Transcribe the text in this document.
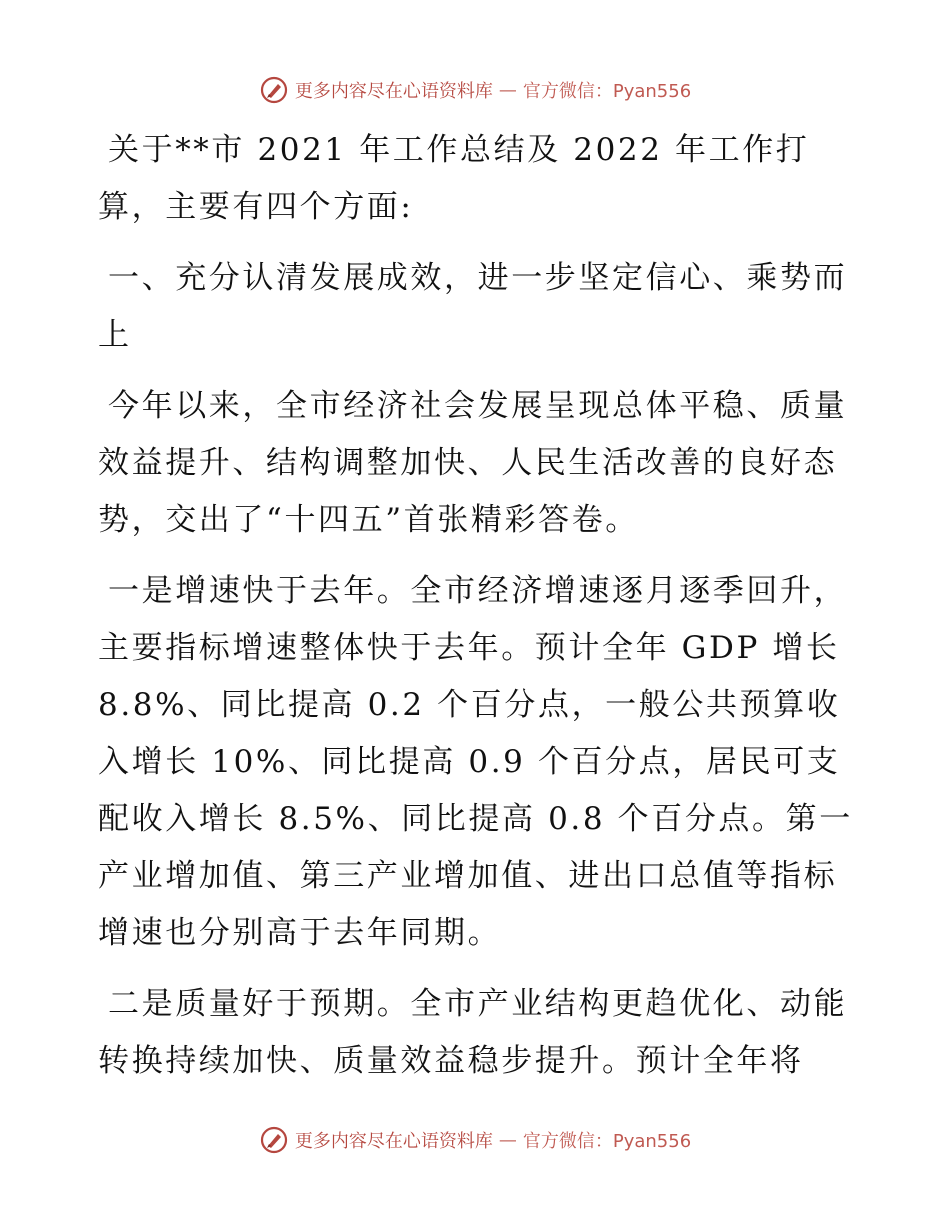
更多内容尽在心语资料库 — 官方微信：Pyan556

关于**市 2021 年工作总结及 2022 年工作打算，主要有四个方面:

一、充分认清发展成效，进一步坚定信心、乘势而上

今年以来，全市经济社会发展呈现总体平稳、质量效益提升、结构调整加快、人民生活改善的良好态势，交出了“十四五”首张精彩答卷。

一是增速快于去年。全市经济增速逐月逐季回升，主要指标增速整体快于去年。预计全年 GDP 增长 8.8%、同比提高 0.2 个百分点，一般公共预算收入增长 10%、同比提高 0.9 个百分点，居民可支配收入增长 8.5%、同比提高 0.8 个百分点。第一产业增加值、第三产业增加值、进出口总值等指标增速也分别高于去年同期。

二是质量好于预期。全市产业结构更趋优化、动能转换持续加快、质量效益稳步提升。预计全年将

更多内容尽在心语资料库 — 官方微信：Pyan556
